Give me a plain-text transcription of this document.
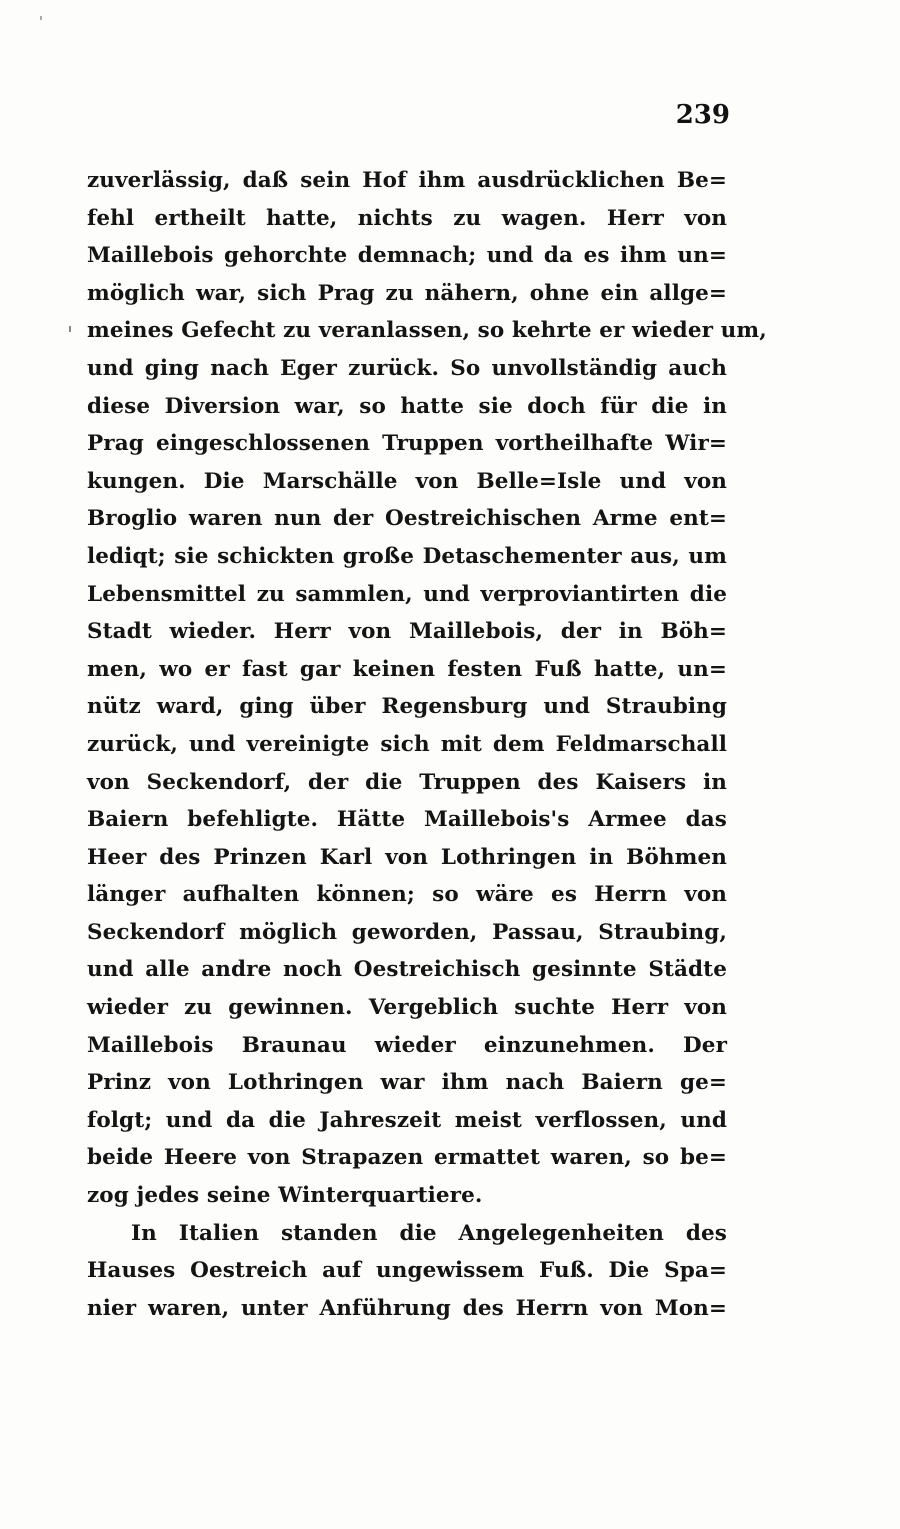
239
zuverlässig, daß sein Hof ihm ausdrücklichen Be=
fehl ertheilt hatte, nichts zu wagen. Herr von
Maillebois gehorchte demnach; und da es ihm un=
möglich war, sich Prag zu nähern, ohne ein allge=
meines Gefecht zu veranlassen, so kehrte er wieder um,
und ging nach Eger zurück. So unvollständig auch
diese Diversion war, so hatte sie doch für die in
Prag eingeschlossenen Truppen vortheilhafte Wir=
kungen. Die Marschälle von Belle=Isle und von
Broglio waren nun der Oestreichischen Arme ent=
lediqt; sie schickten große Detaschementer aus, um
Lebensmittel zu sammlen, und verproviantirten die
Stadt wieder. Herr von Maillebois, der in Böh=
men, wo er fast gar keinen festen Fuß hatte, un=
nütz ward, ging über Regensburg und Straubing
zurück, und vereinigte sich mit dem Feldmarschall
von Seckendorf, der die Truppen des Kaisers in
Baiern befehligte. Hätte Maillebois's Armee das
Heer des Prinzen Karl von Lothringen in Böhmen
länger aufhalten können; so wäre es Herrn von
Seckendorf möglich geworden, Passau, Straubing,
und alle andre noch Oestreichisch gesinnte Städte
wieder zu gewinnen. Vergeblich suchte Herr von
Maillebois Braunau wieder einzunehmen. Der
Prinz von Lothringen war ihm nach Baiern ge=
folgt; und da die Jahreszeit meist verflossen, und
beide Heere von Strapazen ermattet waren, so be=
zog jedes seine Winterquartiere.
In Italien standen die Angelegenheiten des
Hauses Oestreich auf ungewissem Fuß. Die Spa=
nier waren, unter Anführung des Herrn von Mon=
